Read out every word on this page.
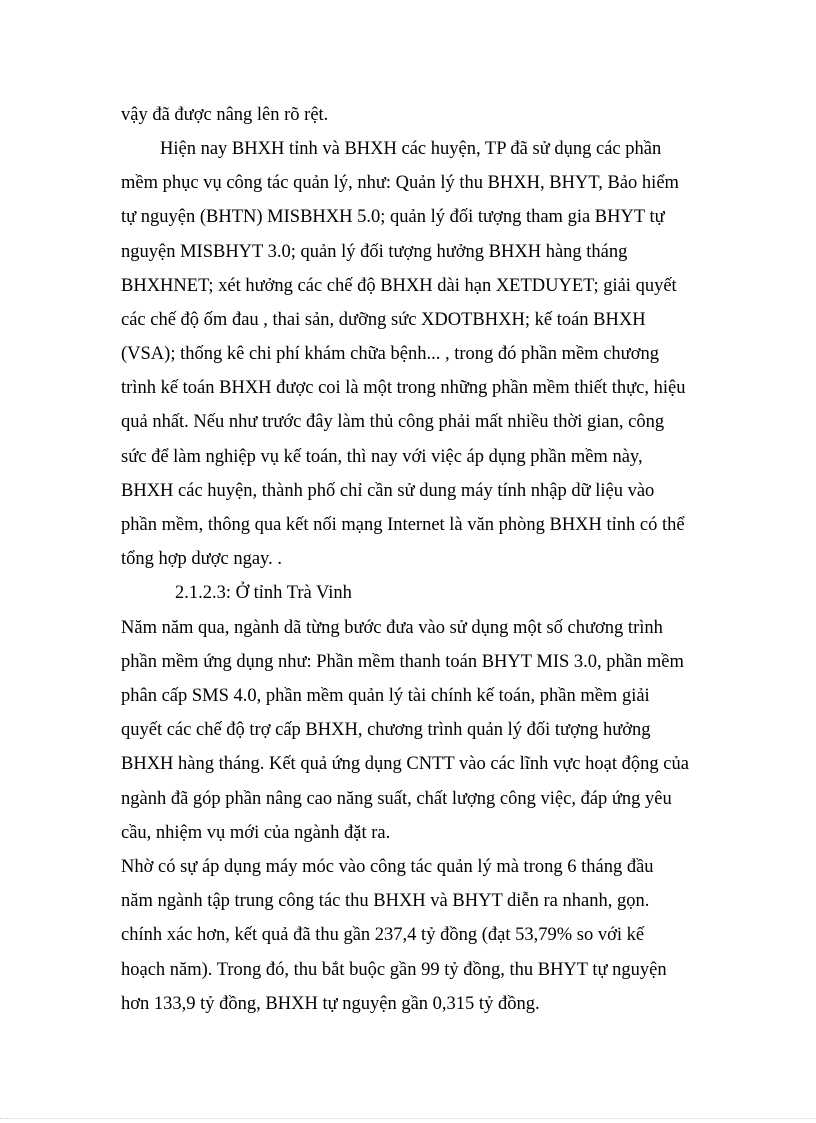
vậy đã được nâng lên rõ rệt.
Hiện nay BHXH tỉnh và BHXH các huyện, TP đã sử dụng các phần
mềm phục vụ công tác quản lý, như: Quản lý thu BHXH, BHYT, Bảo hiểm
tự nguyện (BHTN) MISBHXH 5.0; quản lý đối tượng tham gia BHYT tự
nguyện MISBHYT 3.0; quản lý đối tượng hưởng BHXH hàng tháng
BHXHNET; xét hưởng các chế độ BHXH dài hạn XETDUYET; giải quyết
các chế độ ốm đau , thai sản, dưỡng sức XDOTBHXH; kế toán BHXH
(VSA); thống kê chi phí khám chữa bệnh... , trong đó phần mềm chương
trình kế toán BHXH được coi là một trong những phần mềm thiết thực, hiệu
quả nhất. Nếu như trước đây làm thủ công phải mất nhiều thời gian, công
sức để làm nghiệp vụ kế toán, thì nay với việc áp dụng phần mềm này,
BHXH các huyện, thành phố chỉ cần sử dung máy tính nhập dữ liệu vào
phần mềm, thông qua kết nối mạng Internet là văn phòng BHXH tỉnh có thể
tổng hợp dược ngay. .
2.1.2.3: Ở tỉnh Trà Vinh
Năm năm qua, ngành dã từng bước đưa vào sử dụng một số chương trình
phần mềm ứng dụng như: Phần mềm thanh toán BHYT MIS 3.0, phần mềm
phân cấp SMS 4.0, phần mềm quản lý tài chính kế toán, phần mềm giải
quyết các chế độ trợ cấp BHXH, chương trình quản lý đối tượng hưởng
BHXH hàng tháng. Kết quả ứng dụng CNTT vào các lĩnh vực hoạt động của
ngành đã góp phần nâng cao năng suất, chất lượng công việc, đáp ứng yêu
cầu, nhiệm vụ mới của ngành đặt ra.
Nhờ có sự áp dụng máy móc vào công tác quản lý mà trong 6 tháng đầu
năm ngành tập trung công tác thu BHXH và BHYT diễn ra nhanh, gọn.
chính xác hơn, kết quả đã thu gần 237,4 tỷ đồng (đạt 53,79% so với kế
hoạch năm). Trong đó, thu bắt buộc gần 99 tỷ đồng, thu BHYT tự nguyện
hơn 133,9 tỷ đồng, BHXH tự nguyện gần 0,315 tỷ đồng.
